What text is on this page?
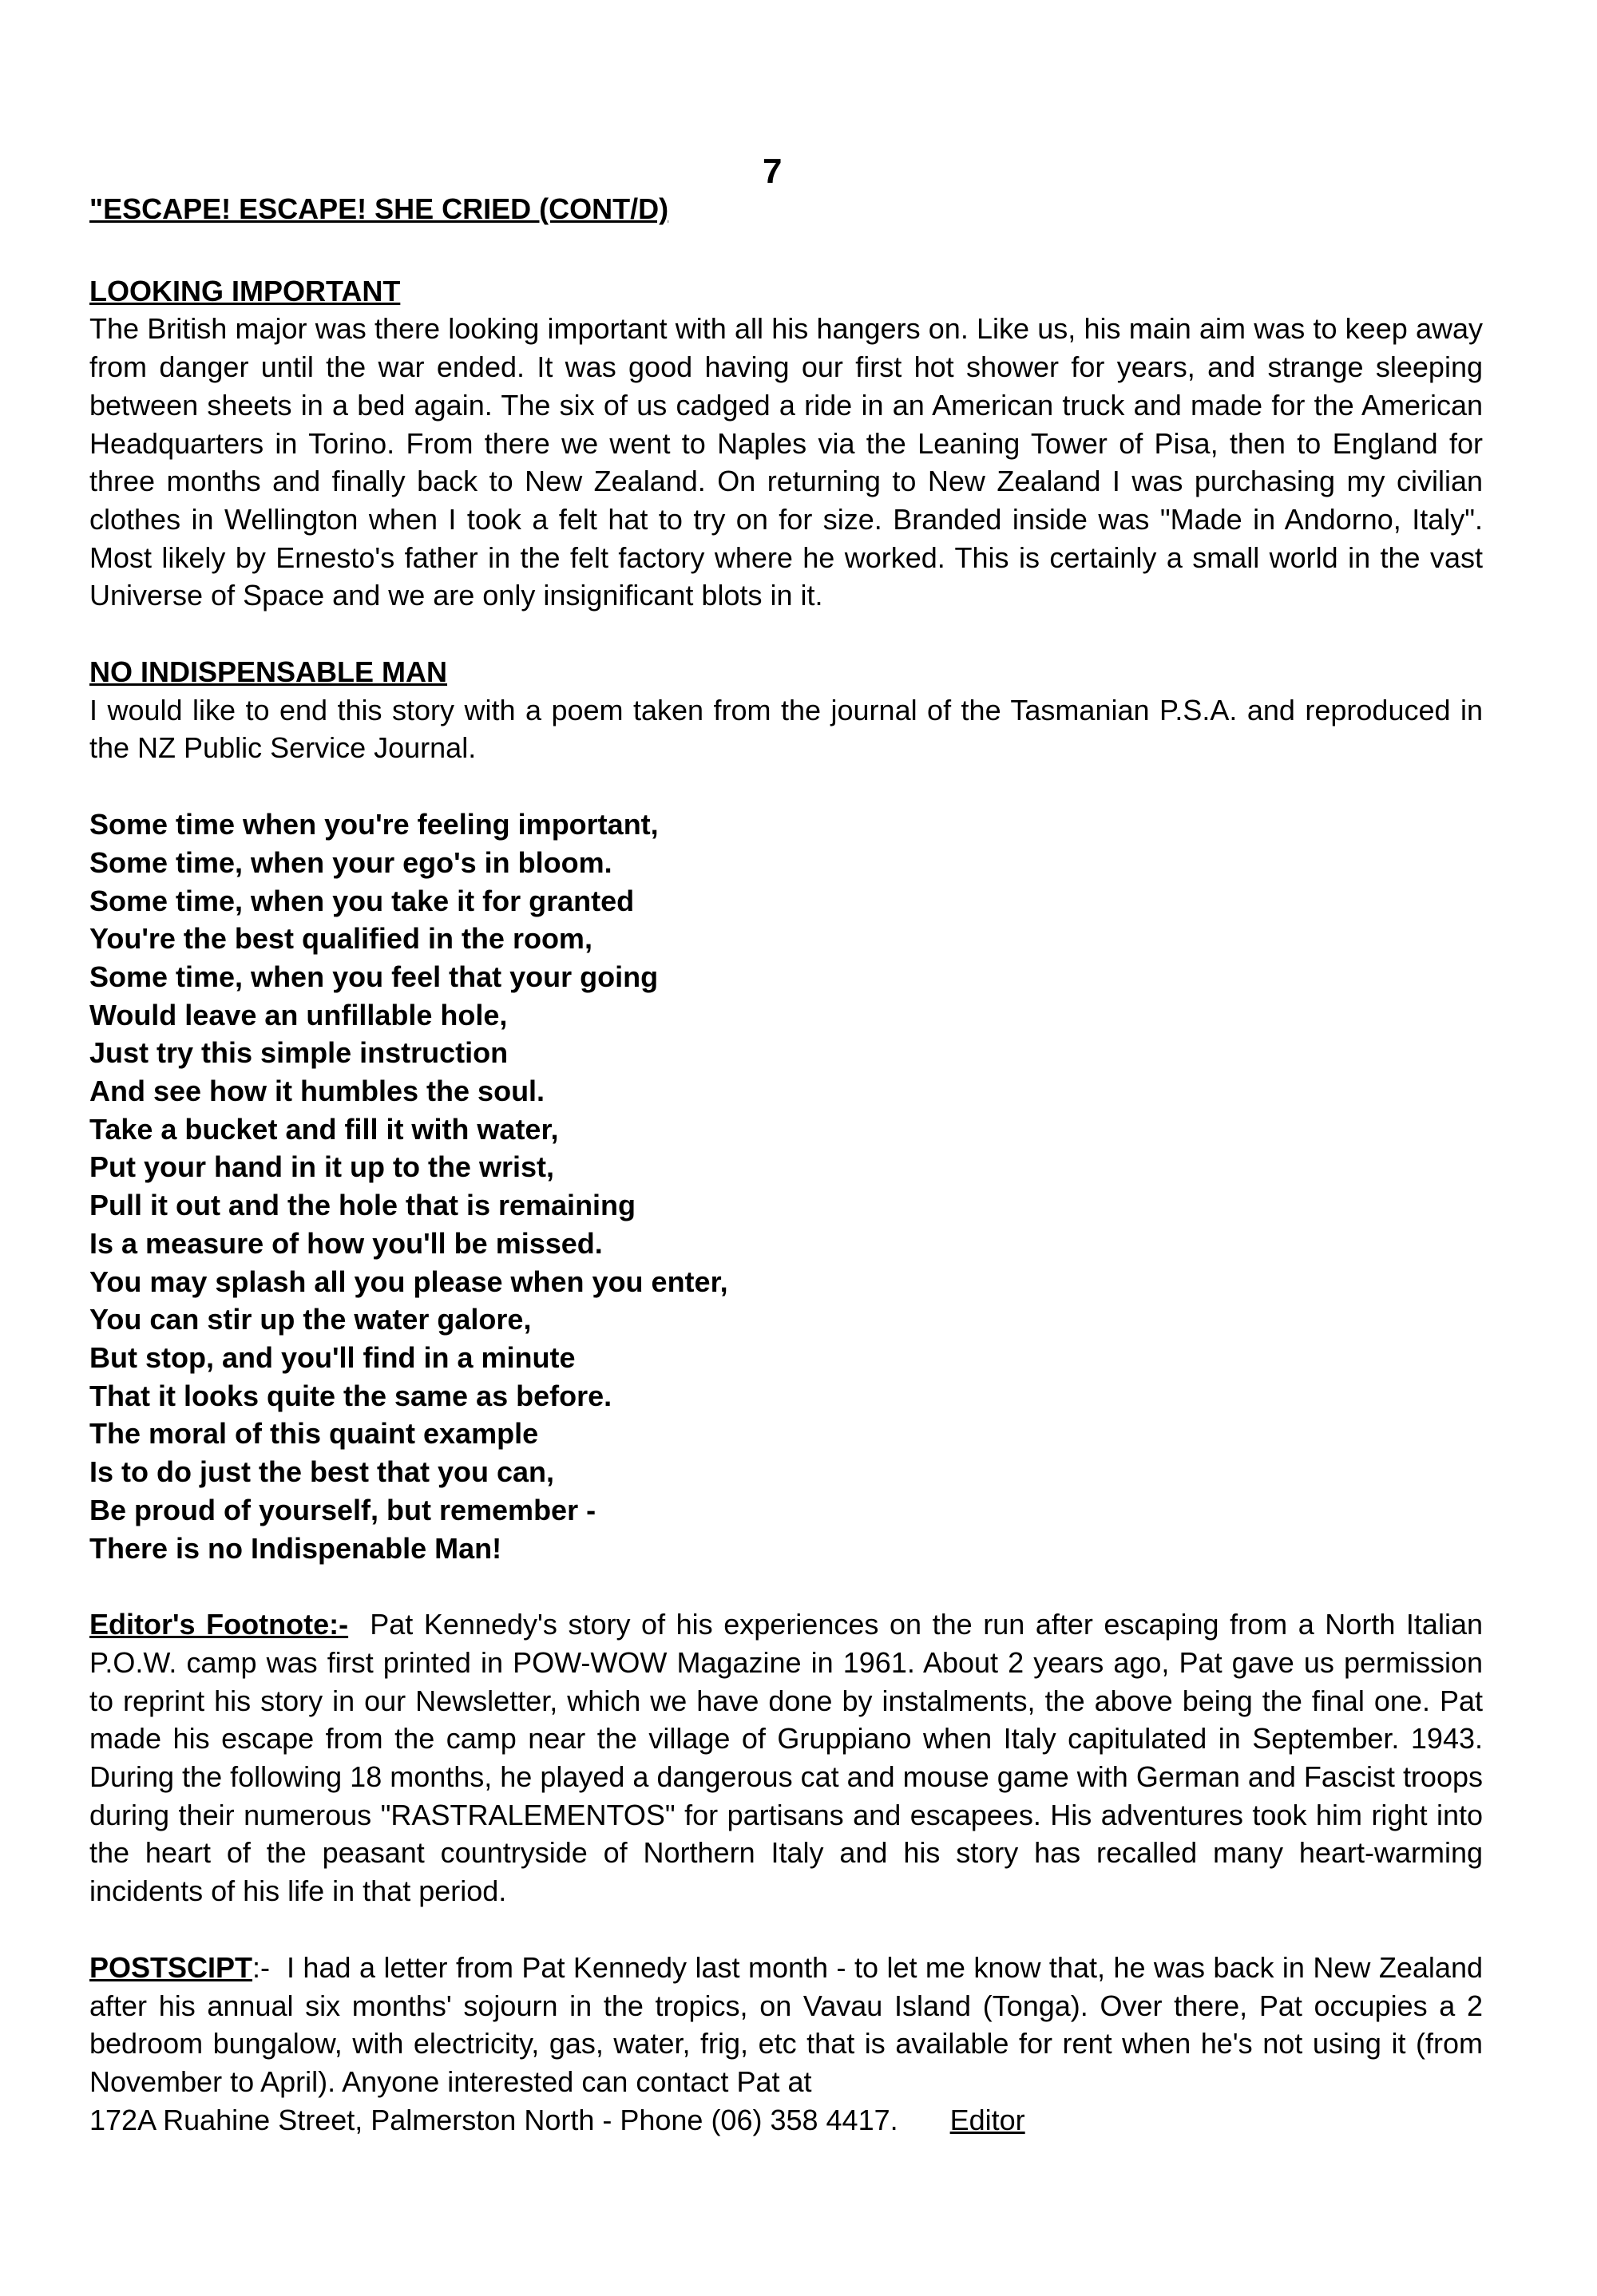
7

"ESCAPE! ESCAPE! SHE CRIED (CONT/D)

LOOKING IMPORTANT

The British major was there looking important with all his hangers on. Like us, his main aim was to keep away from danger until the war ended. It was good having our first hot shower for years, and strange sleeping between sheets in a bed again. The six of us cadged a ride in an American truck and made for the American Headquarters in Torino. From there we went to Naples via the Leaning Tower of Pisa, then to England for three months and finally back to New Zealand. On returning to New Zealand I was purchasing my civilian clothes in Wellington when I took a felt hat to try on for size. Branded inside was "Made in Andorno, Italy". Most likely by Ernesto's father in the felt factory where he worked. This is certainly a small world in the vast Universe of Space and we are only insignificant blots in it.

NO INDISPENSABLE MAN

I would like to end this story with a poem taken from the journal of the Tasmanian P.S.A. and reproduced in the NZ Public Service Journal.

Some time when you're feeling important,
Some time, when your ego's in bloom.
Some time, when you take it for granted
You're the best qualified in the room,
Some time, when you feel that your going
Would leave an unfillable hole,
Just try this simple instruction
And see how it humbles the soul.
Take a bucket and fill it with water,
Put your hand in it up to the wrist,
Pull it out and the hole that is remaining
Is a measure of how you'll be missed.
You may splash all you please when you enter,
You can stir up the water galore,
But stop, and you'll find in a minute
That it looks quite the same as before.
The moral of this quaint example
Is to do just the best that you can,
Be proud of yourself, but remember -
There is no Indispenable Man!

Editor's Footnote:- Pat Kennedy's story of his experiences on the run after escaping from a North Italian P.O.W. camp was first printed in POW-WOW Magazine in 1961. About 2 years ago, Pat gave us permission to reprint his story in our Newsletter, which we have done by instalments, the above being the final one. Pat made his escape from the camp near the village of Gruppiano when Italy capitulated in September. 1943. During the following 18 months, he played a dangerous cat and mouse game with German and Fascist troops during their numerous "RASTRALEMENTOS" for partisans and escapees. His adventures took him right into the heart of the peasant countryside of Northern Italy and his story has recalled many heart-warming incidents of his life in that period.

POSTSCIPT:- I had a letter from Pat Kennedy last month - to let me know that, he was back in New Zealand after his annual six months' sojourn in the tropics, on Vavau Island (Tonga). Over there, Pat occupies a 2 bedroom bungalow, with electricity, gas, water, frig, etc that is available for rent when he's not using it (from November to April). Anyone interested can contact Pat at

172A Ruahine Street, Palmerston North - Phone (06) 358 4417. Editor
